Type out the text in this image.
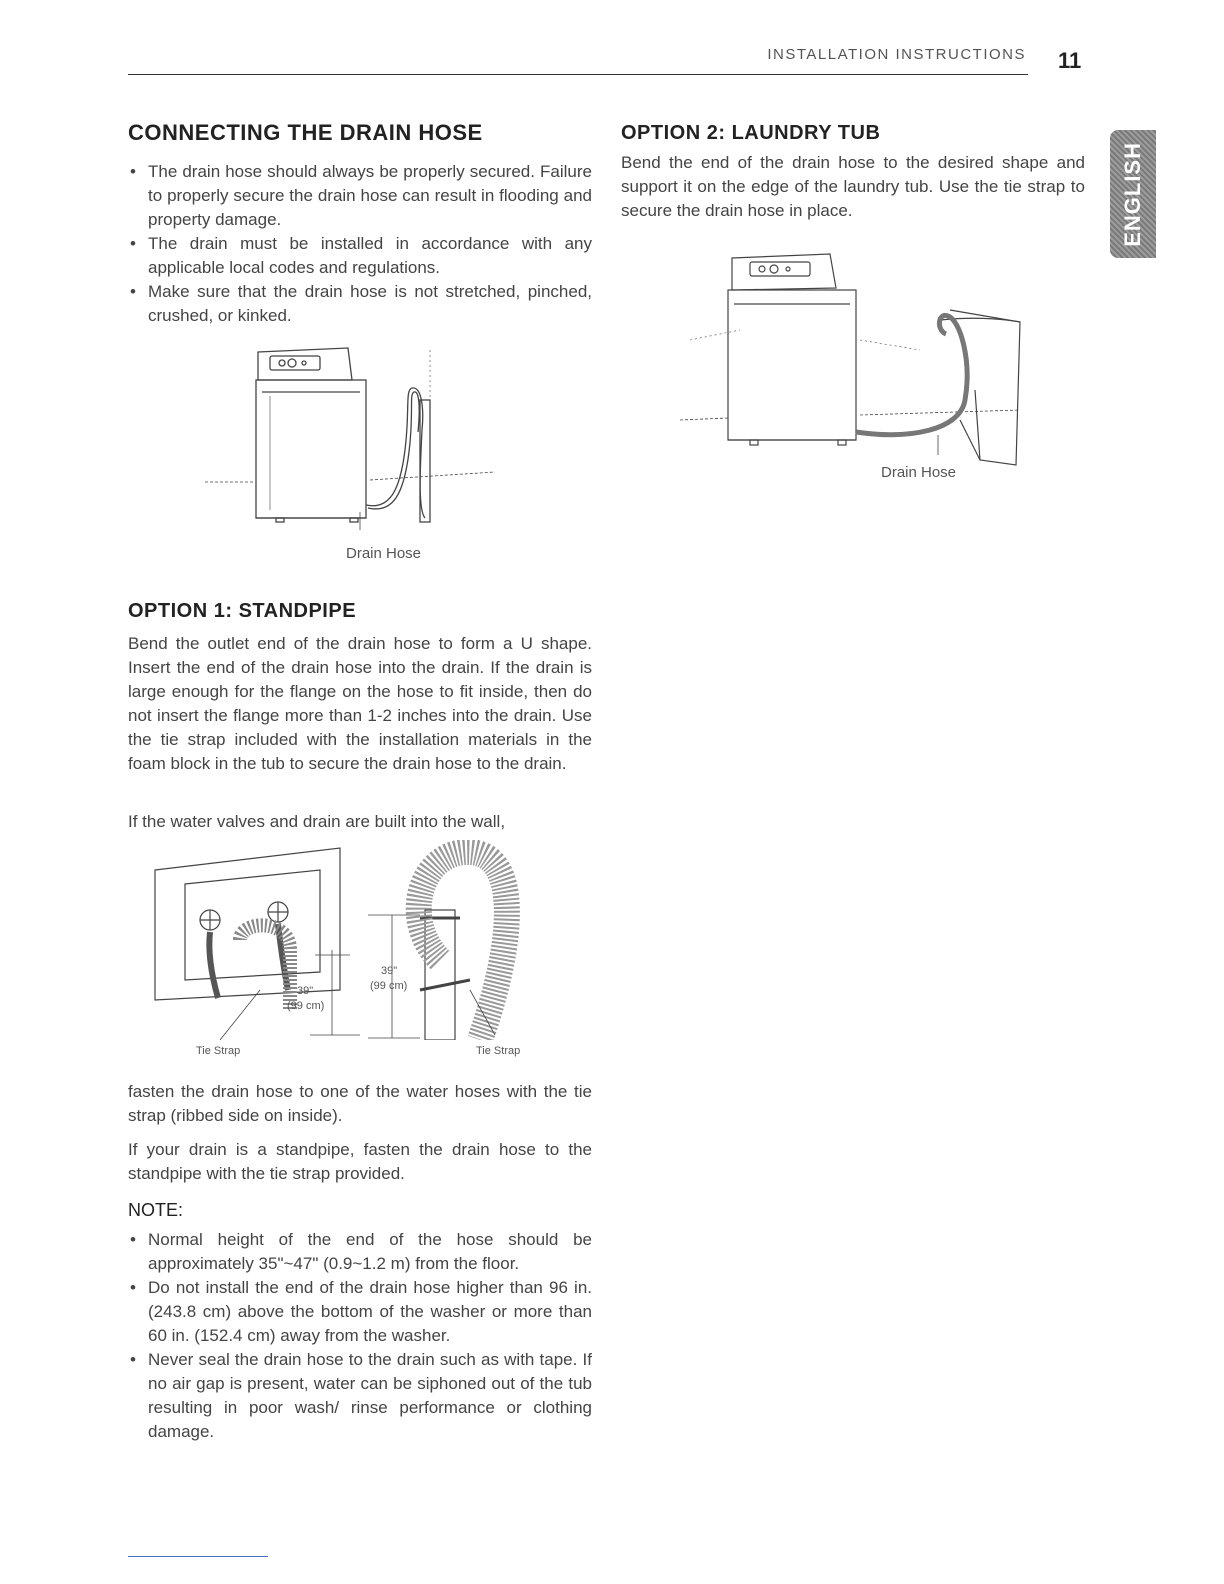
INSTALLATION INSTRUCTIONS 11
ENGLISH
CONNECTING THE DRAIN HOSE
• The drain hose should always be properly secured. Failure to properly secure the drain hose can result in flooding and property damage.
• The drain must be installed in accordance with any applicable local codes and regulations.
• Make sure that the drain hose is not stretched, pinched, crushed, or kinked.
Drain Hose
OPTION 1: STANDPIPE

Bend the outlet end of the drain hose to form a U shape. Insert the end of the drain hose into the drain. If the drain is large enough for the flange on the hose to fit inside, then do not insert the flange more than 1-2 inches into the drain. Use the tie strap included with the installation materials in the foam block in the tub to secure the drain hose to the drain.

If the water valves and drain are built into the wall,

39"
(99 cm)
39"
(99 cm)
Tie Strap	Tie Strap

fasten the drain hose to one of the water hoses with the tie strap (ribbed side on inside).

If your drain is a standpipe, fasten the drain hose to the standpipe with the tie strap provided.

NOTE:
• Normal height of the end of the hose should be approximately 35"~47" (0.9~1.2 m) from the floor.
• Do not install the end of the drain hose higher than 96 in. (243.8 cm) above the bottom of the washer or more than 60 in. (152.4 cm) away from the washer.
• Never seal the drain hose to the drain such as with tape. If no air gap is present, water can be siphoned out of the tub resulting in poor wash/ rinse performance or clothing damage.
OPTION 2: LAUNDRY TUB

Bend the end of the drain hose to the desired shape and support it on the edge of the laundry tub. Use the tie strap to secure the drain hose in place.

Drain Hose
